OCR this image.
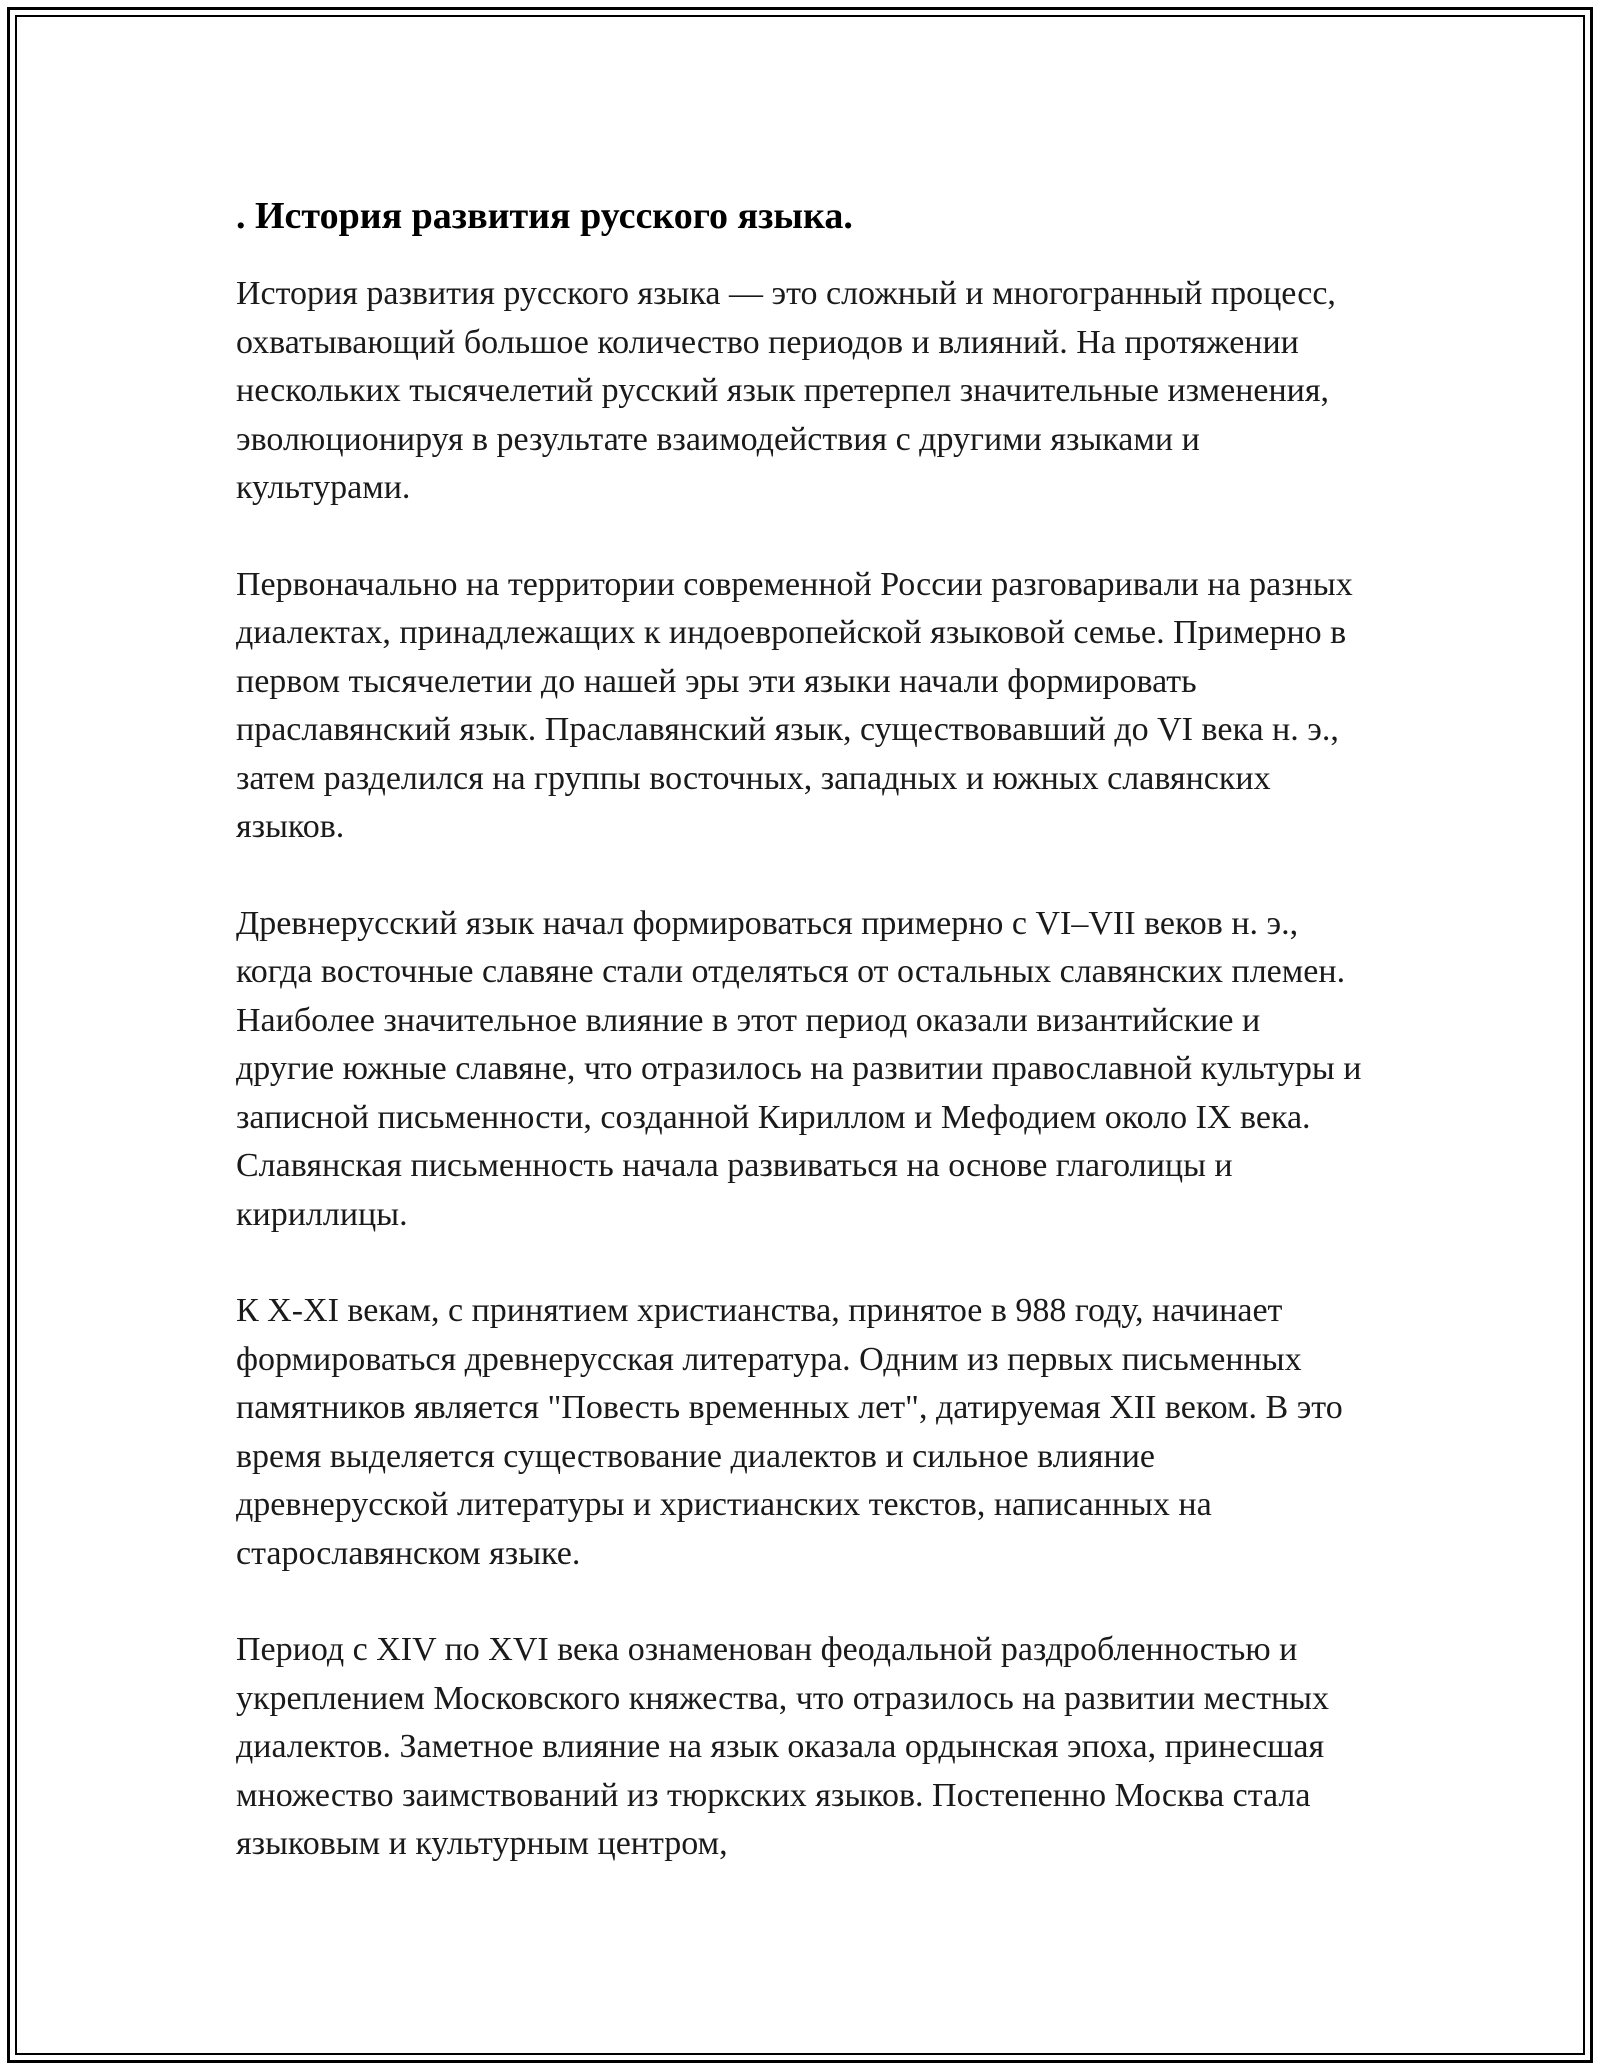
. История развития русского языка.

История развития русского языка — это сложный и многогранный процесс, охватывающий большое количество периодов и влияний. На протяжении нескольких тысячелетий русский язык претерпел значительные изменения, эволюционируя в результате взаимодействия с другими языками и культурами.

Первоначально на территории современной России разговаривали на разных диалектах, принадлежащих к индоевропейской языковой семье. Примерно в первом тысячелетии до нашей эры эти языки начали формировать праславянский язык. Праславянский язык, существовавший до VI века н. э., затем разделился на группы восточных, западных и южных славянских языков.

Древнерусский язык начал формироваться примерно с VI–VII веков н. э., когда восточные славяне стали отделяться от остальных славянских племен. Наиболее значительное влияние в этот период оказали византийские и другие южные славяне, что отразилось на развитии православной культуры и записной письменности, созданной Кириллом и Мефодием около IX века. Славянская письменность начала развиваться на основе глаголицы и кириллицы.

К X-XI векам, с принятием христианства, принятое в 988 году, начинает формироваться древнерусская литература. Одним из первых письменных памятников является "Повесть временных лет", датируемая XII веком. В это время выделяется существование диалектов и сильное влияние древнерусской литературы и христианских текстов, написанных на старославянском языке.

Период с XIV по XVI века ознаменован феодальной раздробленностью и укреплением Московского княжества, что отразилось на развитии местных диалектов. Заметное влияние на язык оказала ордынская эпоха, принесшая множество заимствований из тюркских языков. Постепенно Москва стала языковым и культурным центром,
